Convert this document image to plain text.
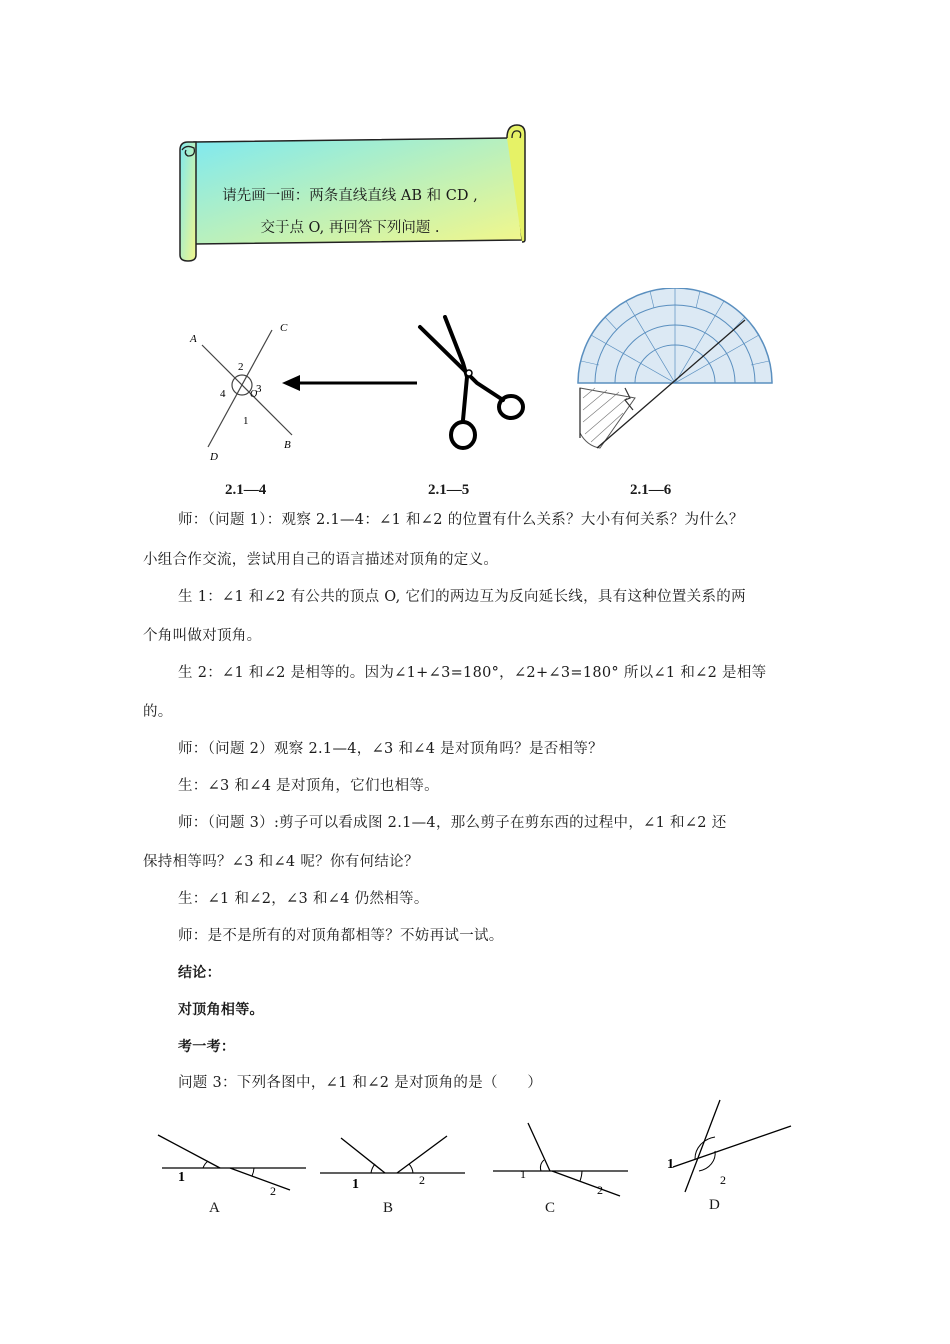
请先画一画：两条直线直线 AB 和 CD ,
交于点 O, 再回答下列问题 .
A
C
D
B
O
2
3
4
1
2.1—4	2.1—5	2.1—6
师：（问题 1）：观察 2.1—4：∠1 和∠2 的位置有什么关系？大小有何关系？为什么？
小组合作交流，尝试用自己的语言描述对顶角的定义。
生 1：∠1 和∠2 有公共的顶点 O, 它们的两边互为反向延长线，具有这种位置关系的两
个角叫做对顶角。
生 2：∠1 和∠2 是相等的。因为∠1+∠3=180°，∠2+∠3=180° 所以∠1 和∠2 是相等
的。
师：（问题 2）观察 2.1—4，∠3 和∠4 是对顶角吗？是否相等？
生：∠3 和∠4 是对顶角，它们也相等。
师：（问题 3）:剪子可以看成图 2.1—4，那么剪子在剪东西的过程中，∠1 和∠2 还
保持相等吗？∠3 和∠4 呢？你有何结论？
生：∠1 和∠2，∠3 和∠4 仍然相等。
师：是不是所有的对顶角都相等？不妨再试一试。
结论：
对顶角相等。
考一考：
问题 3：下列各图中，∠1 和∠2 是对顶角的是（　　）
1
2
A
1	2
B
1
2
C
1
2
D
